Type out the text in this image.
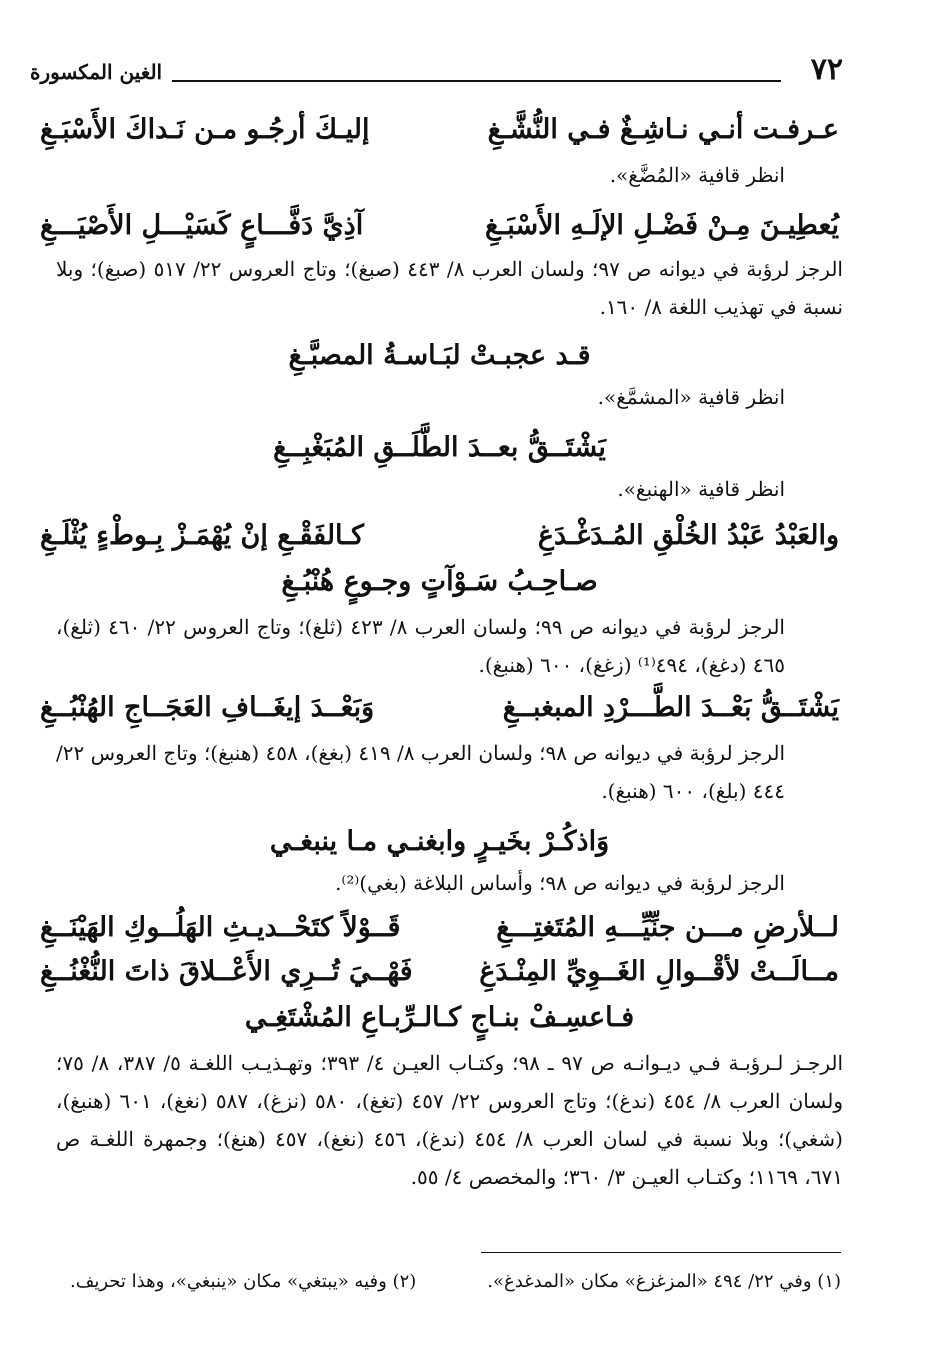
٧٢
الغين المكسورة
عـرفـت أنـي نـاشِـغٌ فـي النُّشَّـغِ
إليـكَ أرجُـو مـن نَـداكَ الأَسْبَـغِ
انظر قافية «المُضَّغ».
يُعطِيـنَ مِـنْ فَضْـلِ الإلَـهِ الأَسْبَـغِ
آذِيَّ دَفَّـــاعٍ كَسَيْـــلِ الأَصْيَـــغِ
الرجز لرؤبة في ديوانه ص ٩٧؛ ولسان العرب ٨/ ٤٤٣ (صبغ)؛ وتاج العروس ٢٢/ ٥١٧ (صبغ)؛ وبلا نسبة في تهذيب اللغة ٨/ ١٦٠.
قـد عجبـتْ لبَـاسـةُ المصبَّـغِ
انظر قافية «المشمَّغ».
يَشْتَــقُّ بعــدَ الطَّلَــقِ المُبَغْبِــغِ
انظر قافية «الهنبغ».
والعَبْدُ عَبْدُ الخُلْقِ المُـدَغْـدَغِ
كـالفَقْـعِ إنْ يُهْمَـزْ بِـوطْءٍ يُثْلَـغِ
صـاحِـبُ سَـوْآتٍ وجـوعٍ هُنْبُـغِ
الرجز لرؤبة في ديوانه ص ٩٩؛ ولسان العرب ٨/ ٤٢٣ (ثلغ)؛ وتاج العروس ٢٢/ ٤٦٠ (ثلغ)، ٤٦٥ (دغغ)، ٤٩٤⁽¹⁾ (زغغ)، ٦٠٠ (هنبغ).
يَشْتَــقُّ بَعْــدَ الطَّـــرْدِ المبغبــغِ
وَبَعْــدَ إيغَــافِ العَجَــاجِ الهُنْبُــغِ
الرجز لرؤبة في ديوانه ص ٩٨؛ ولسان العرب ٨/ ٤١٩ (بغغ)، ٤٥٨ (هنبغ)؛ وتاج العروس ٢٢/ ٤٤٤ (بلغ)، ٦٠٠ (هنبغ).
وَاذكُـرْ بخَيـرٍ وابغنـي مـا ينبغـي
الرجز لرؤبة في ديوانه ص ٩٨؛ وأساس البلاغة (بغي)⁽²⁾.
لــلأرضِ مـــن جنِّيِّـــهِ المُتَغتِـــغِ
قَــوْلاً كتَحْــديـثِ الهَلُــوكِ الهَيْنَــغِ
مــالَــتْ لأقْــوالِ الغَــوِيِّ المِنْـدَغِ
فَهْــيَ تُــرِي الأَعْــلاقَ ذاتَ النُّغْنُــغِ
فـاعسِـفْ بنـاجٍ كـالـرِّبـاعِ المُشْتَغِـي
الرجـز لـرؤبـة فـي ديـوانـه ص ٩٧ ـ ٩٨؛ وكتـاب العيـن ٤/ ٣٩٣؛ وتهـذيـب اللغـة ٥/ ٣٨٧، ٨/ ٧٥؛ ولسان العرب ٨/ ٤٥٤ (ندغ)؛ وتاج العروس ٢٢/ ٤٥٧ (تغغ)، ٥٨٠ (نزغ)، ٥٨٧ (نغغ)، ٦٠١ (هنبغ)، (شغي)؛ وبلا نسبة في لسان العرب ٨/ ٤٥٤ (ندغ)، ٤٥٦ (نغغ)، ٤٥٧ (هنغ)؛ وجمهرة اللغـة ص ٦٧١، ١١٦٩؛ وكتـاب العيـن ٣/ ٣٦٠؛ والمخصص ٤/ ٥٥.
(١) وفي ٢٢/ ٤٩٤ «المزغزغ» مكان «المدغدغ».
(٢) وفيه «يبتغي» مكان «ينبغي»، وهذا تحريف.
